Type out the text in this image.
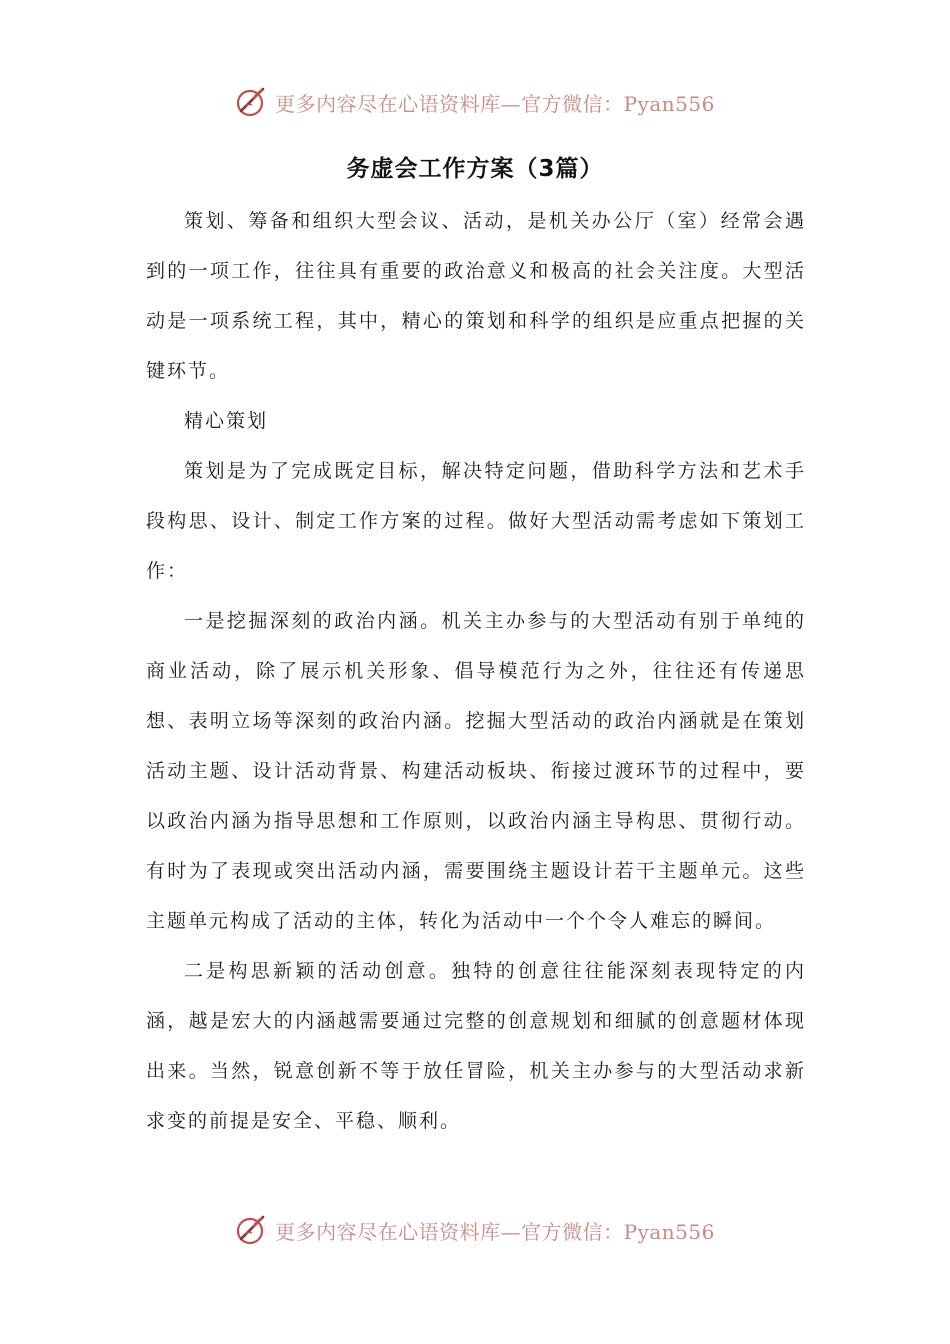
更多内容尽在心语资料库—官方微信：Pyan556
务虚会工作方案（3篇）

策划、筹备和组织大型会议、活动，是机关办公厅（室）经常会遇到的一项工作，往往具有重要的政治意义和极高的社会关注度。大型活动是一项系统工程，其中，精心的策划和科学的组织是应重点把握的关键环节。

精心策划

策划是为了完成既定目标，解决特定问题，借助科学方法和艺术手段构思、设计、制定工作方案的过程。做好大型活动需考虑如下策划工作：

一是挖掘深刻的政治内涵。机关主办参与的大型活动有别于单纯的商业活动，除了展示机关形象、倡导模范行为之外，往往还有传递思想、表明立场等深刻的政治内涵。挖掘大型活动的政治内涵就是在策划活动主题、设计活动背景、构建活动板块、衔接过渡环节的过程中，要以政治内涵为指导思想和工作原则，以政治内涵主导构思、贯彻行动。有时为了表现或突出活动内涵，需要围绕主题设计若干主题单元。这些主题单元构成了活动的主体，转化为活动中一个个令人难忘的瞬间。

二是构思新颖的活动创意。独特的创意往往能深刻表现特定的内涵，越是宏大的内涵越需要通过完整的创意规划和细腻的创意题材体现出来。当然，锐意创新不等于放任冒险，机关主办参与的大型活动求新求变的前提是安全、平稳、顺利。

更多内容尽在心语资料库—官方微信：Pyan556
